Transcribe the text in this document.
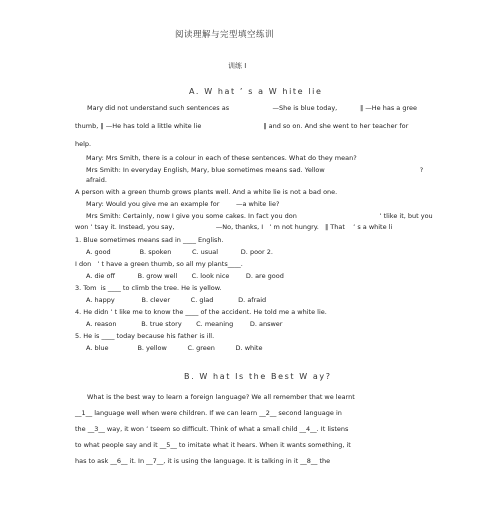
阅读理解与完型填空练训
训练 I
A. W hat ’ s a W hite lie
Mary did not understand such sentences as                     —She is blue today,           ‖ —He has a gree
thumb, ‖ —He has told a little white lie                              ‖ and so on. And she went to her teacher for
help.
Mary: Mrs Smith, there is a colour in each of these sentences. What do they mean?
Mrs Smith: In everyday English, Mary, blue sometimes means sad. Yellow                                              ?
afraid.
A person with a green thumb grows plants well. And a white lie is not a bad one.
Mary: Would you give me an example for        —a white lie?
Mrs Smith: Certainly, now I give you some cakes. In fact you don                                        ’ tlike it, but you
won ’ tsay it. Instead, you say,                    —No, thanks, I   ’ m not hungry.   ‖ That    ’ s a white li
1. Blue sometimes means sad in ____ English.
A. good              B. spoken          C. usual           D. poor 2.
I don   ’ t have a green thumb, so all my plants____.
A. die off           B. grow well       C. look nice        D. are good
3. Tom  is ____ to climb the tree. He is yellow.
A. happy             B. clever          C. glad            D. afraid
4. He didn ’ t like me to know the ____ of the accident. He told me a white lie.
A. reason            B. true story       C. meaning        D. answer
5. He is ____ today because his father is ill.
A. blue              B. yellow          C. green          D. white
B. W hat Is the Best W ay?
What is the best way to learn a foreign language? We all remember that we learnt
__1__ language well when were children. If we can learn __2__ second language in
the __3__ way, it won ’ tseem so difficult. Think of what a small child __4__. It listens
to what people say and it __5__ to imitate what it hears. When it wants something, it
has to ask __6__ it. In __7__, it is using the language. It is talking in it __8__ the
